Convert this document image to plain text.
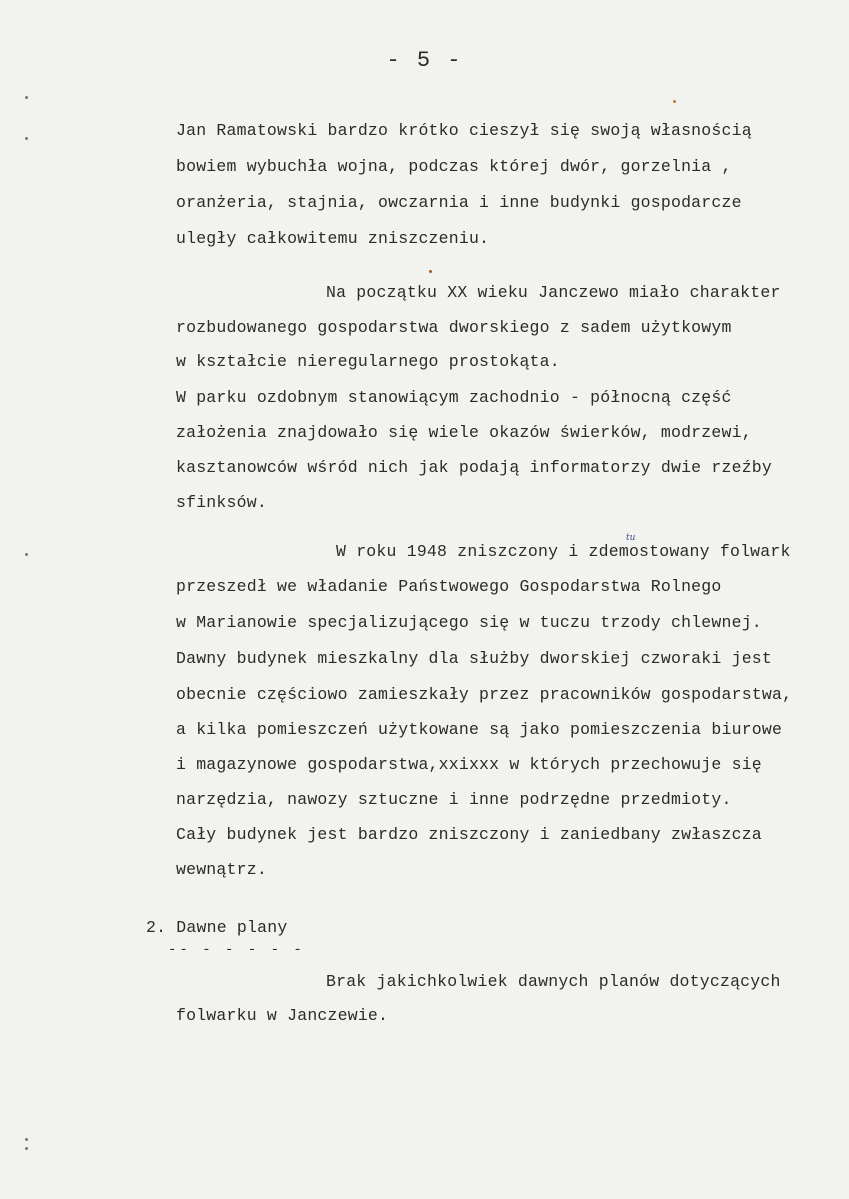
- 5 -
Jan Ramatowski bardzo krótko cieszył się swoją własnością
bowiem wybuchła wojna, podczas której dwór, gorzelnia ,
oranżeria, stajnia, owczarnia i inne budynki gospodarcze
uległy całkowitemu zniszczeniu.
Na początku XX wieku Janczewo miało charakter
rozbudowanego gospodarstwa dworskiego z sadem użytkowym
w kształcie nieregularnego prostokąta.
W parku ozdobnym stanowiącym zachodnio - północną część
założenia znajdowało się wiele okazów świerków, modrzewi,
kasztanowców wśród nich jak podają informatorzy dwie rzeźby
sfinksów.
tu
W roku 1948 zniszczony i zdemostowany folwark
przeszedł we władanie Państwowego Gospodarstwa Rolnego
w Marianowie specjalizującego się w tuczu trzody chlewnej.
Dawny budynek mieszkalny dla służby dworskiej czworaki jest
obecnie częściowo zamieszkały przez pracowników gospodarstwa,
a kilka pomieszczeń użytkowane są jako pomieszczenia biurowe
i magazynowe gospodarstwa,xxixxx w których przechowuje się
narzędzia, nawozy sztuczne i inne podrzędne przedmioty.
Cały budynek jest bardzo zniszczony i zaniedbany zwłaszcza
wewnątrz.
2. Dawne plany
-- - - - - -
Brak jakichkolwiek dawnych planów dotyczących
folwarku w Janczewie.
